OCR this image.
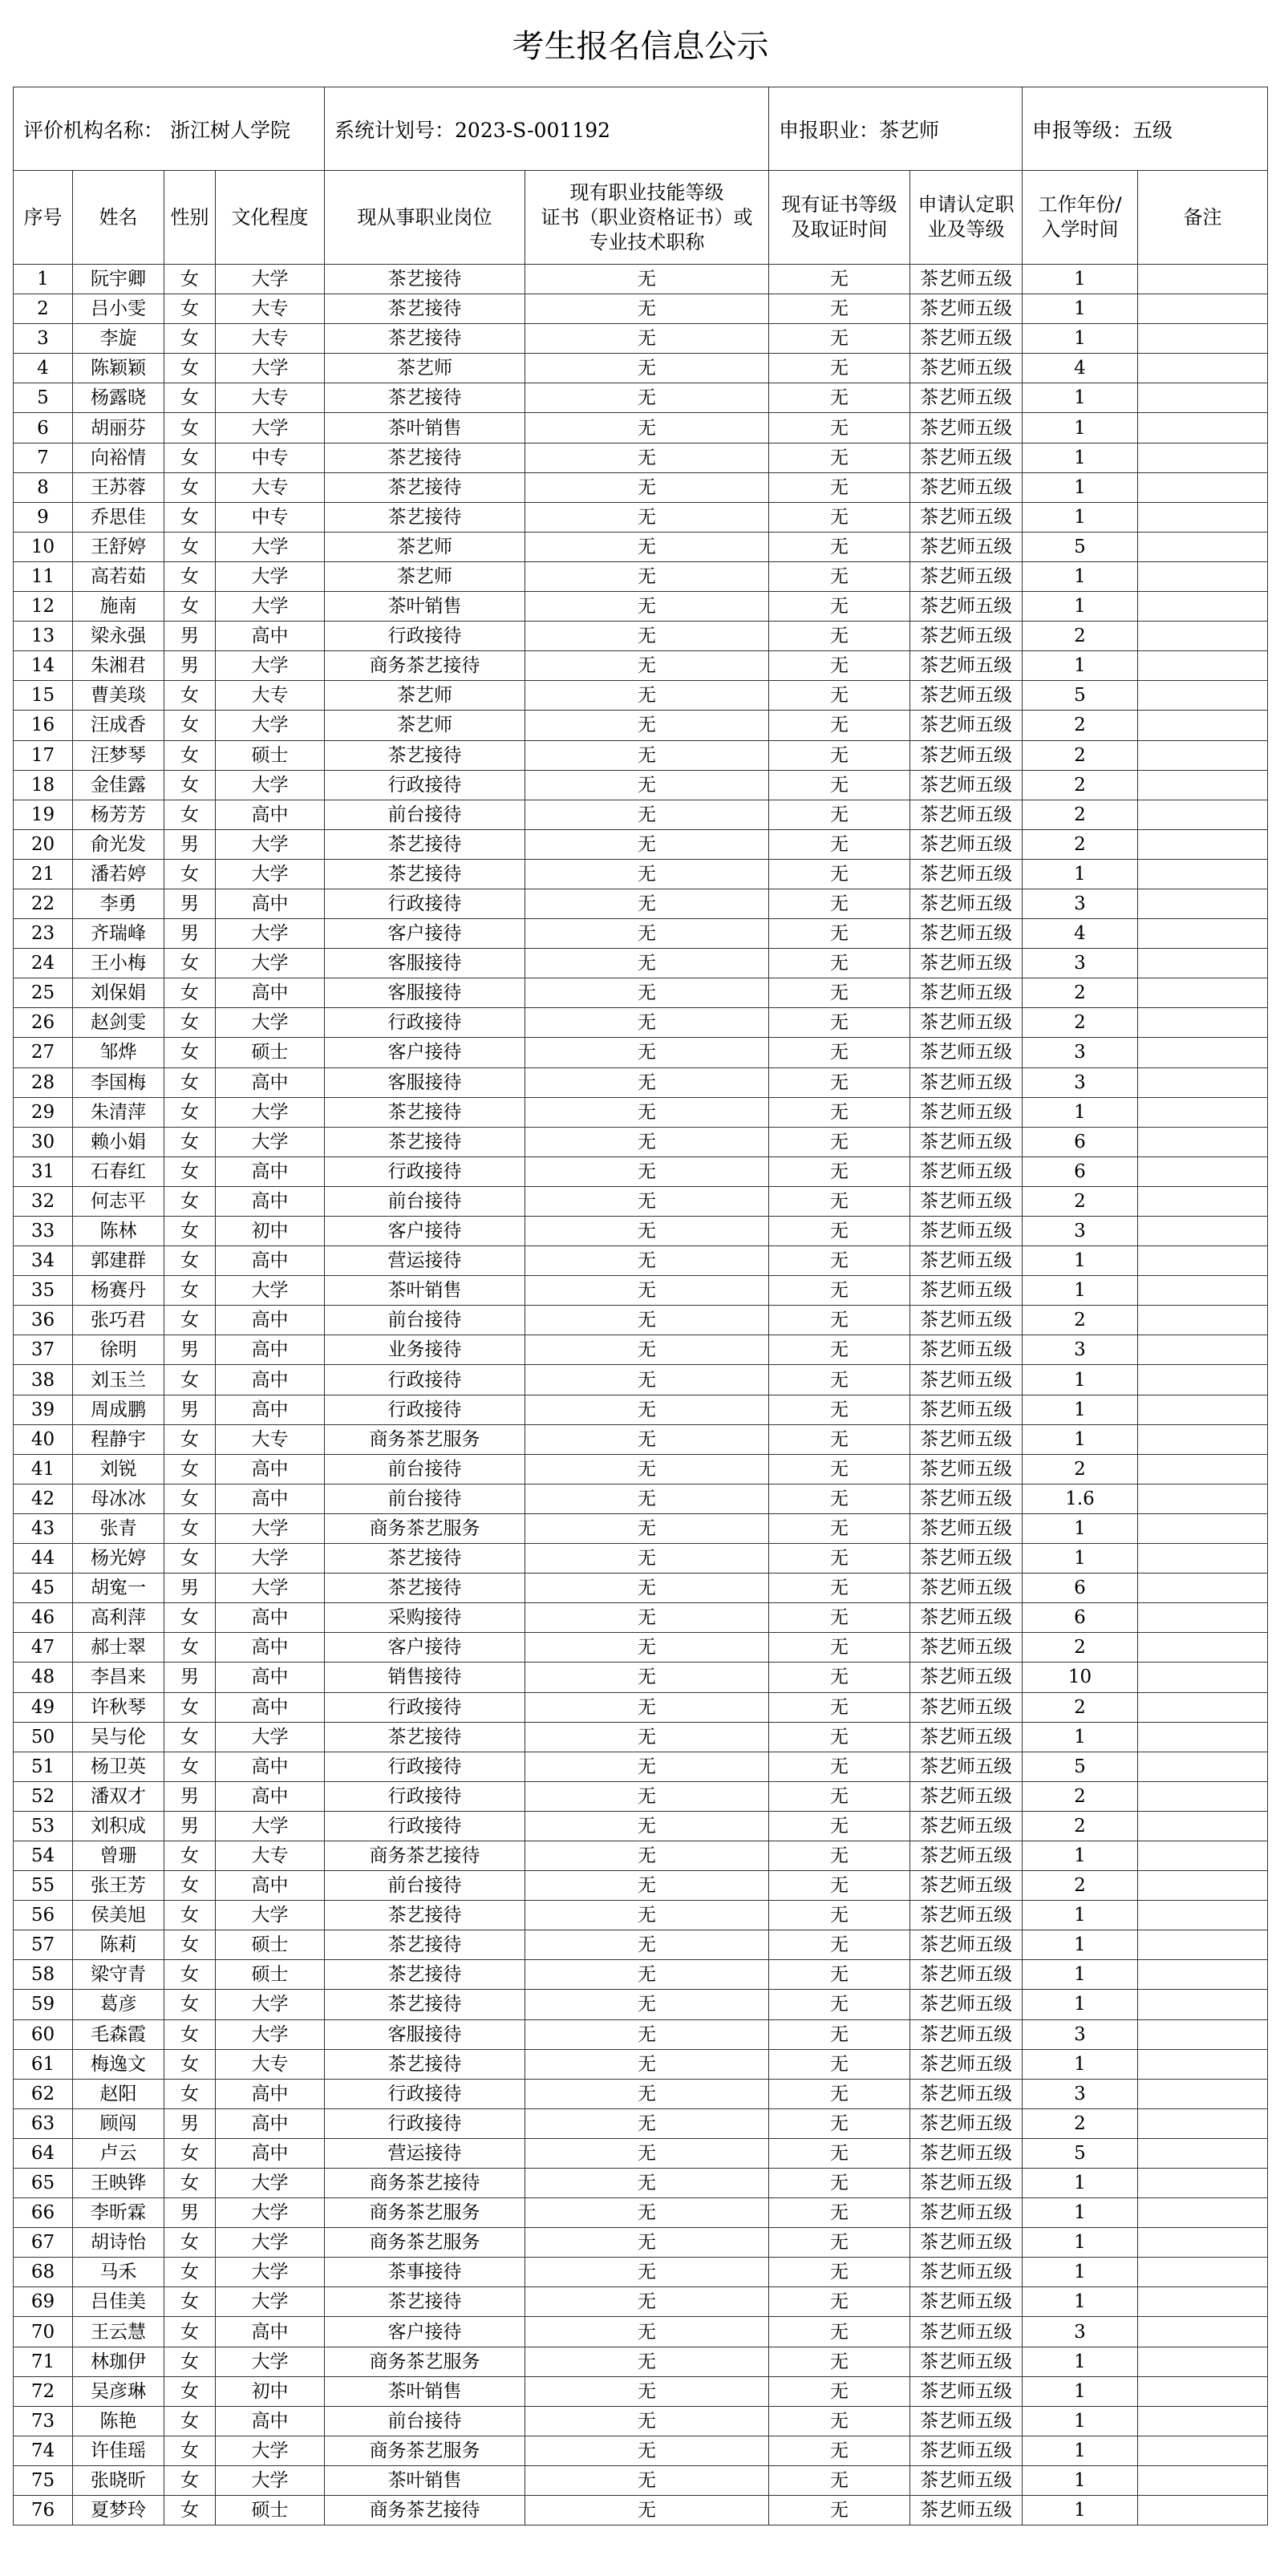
考生报名信息公示									
评价机构名称： 浙江树人学院				系统计划号：2023-S-001192		申报职业：茶艺师		申报等级：五级	
序号	姓名	性别	文化程度	现从事职业岗位	现有职业技能等级
证书（职业资格证书）或
专业技术职称	现有证书等级
及取证时间	申请认定职
业及等级	工作年份/
入学时间	备注
1	阮宇卿	女	大学	茶艺接待	无	无	茶艺师五级	1	
2	吕小雯	女	大专	茶艺接待	无	无	茶艺师五级	1	
3	李旋	女	大专	茶艺接待	无	无	茶艺师五级	1	
4	陈颖颖	女	大学	茶艺师	无	无	茶艺师五级	4	
5	杨露晓	女	大专	茶艺接待	无	无	茶艺师五级	1	
6	胡丽芬	女	大学	茶叶销售	无	无	茶艺师五级	1	
7	向裕情	女	中专	茶艺接待	无	无	茶艺师五级	1	
8	王苏蓉	女	大专	茶艺接待	无	无	茶艺师五级	1	
9	乔思佳	女	中专	茶艺接待	无	无	茶艺师五级	1	
10	王舒婷	女	大学	茶艺师	无	无	茶艺师五级	5	
11	高若茹	女	大学	茶艺师	无	无	茶艺师五级	1	
12	施南	女	大学	茶叶销售	无	无	茶艺师五级	1	
13	梁永强	男	高中	行政接待	无	无	茶艺师五级	2	
14	朱湘君	男	大学	商务茶艺接待	无	无	茶艺师五级	1	
15	曹美琰	女	大专	茶艺师	无	无	茶艺师五级	5	
16	汪成香	女	大学	茶艺师	无	无	茶艺师五级	2	
17	汪梦琴	女	硕士	茶艺接待	无	无	茶艺师五级	2	
18	金佳露	女	大学	行政接待	无	无	茶艺师五级	2	
19	杨芳芳	女	高中	前台接待	无	无	茶艺师五级	2	
20	俞光发	男	大学	茶艺接待	无	无	茶艺师五级	2	
21	潘若婷	女	大学	茶艺接待	无	无	茶艺师五级	1	
22	李勇	男	高中	行政接待	无	无	茶艺师五级	3	
23	齐瑞峰	男	大学	客户接待	无	无	茶艺师五级	4	
24	王小梅	女	大学	客服接待	无	无	茶艺师五级	3	
25	刘保娟	女	高中	客服接待	无	无	茶艺师五级	2	
26	赵剑雯	女	大学	行政接待	无	无	茶艺师五级	2	
27	邹烨	女	硕士	客户接待	无	无	茶艺师五级	3	
28	李国梅	女	高中	客服接待	无	无	茶艺师五级	3	
29	朱清萍	女	大学	茶艺接待	无	无	茶艺师五级	1	
30	赖小娟	女	大学	茶艺接待	无	无	茶艺师五级	6	
31	石春红	女	高中	行政接待	无	无	茶艺师五级	6	
32	何志平	女	高中	前台接待	无	无	茶艺师五级	2	
33	陈林	女	初中	客户接待	无	无	茶艺师五级	3	
34	郭建群	女	高中	营运接待	无	无	茶艺师五级	1	
35	杨赛丹	女	大学	茶叶销售	无	无	茶艺师五级	1	
36	张巧君	女	高中	前台接待	无	无	茶艺师五级	2	
37	徐明	男	高中	业务接待	无	无	茶艺师五级	3	
38	刘玉兰	女	高中	行政接待	无	无	茶艺师五级	1	
39	周成鹏	男	高中	行政接待	无	无	茶艺师五级	1	
40	程静宇	女	大专	商务茶艺服务	无	无	茶艺师五级	1	
41	刘锐	女	高中	前台接待	无	无	茶艺师五级	2	
42	母冰冰	女	高中	前台接待	无	无	茶艺师五级	1.6	
43	张青	女	大学	商务茶艺服务	无	无	茶艺师五级	1	
44	杨光婷	女	大学	茶艺接待	无	无	茶艺师五级	1	
45	胡寃一	男	大学	茶艺接待	无	无	茶艺师五级	6	
46	高利萍	女	高中	采购接待	无	无	茶艺师五级	6	
47	郝士翠	女	高中	客户接待	无	无	茶艺师五级	2	
48	李昌来	男	高中	销售接待	无	无	茶艺师五级	10	
49	许秋琴	女	高中	行政接待	无	无	茶艺师五级	2	
50	吴与伦	女	大学	茶艺接待	无	无	茶艺师五级	1	
51	杨卫英	女	高中	行政接待	无	无	茶艺师五级	5	
52	潘双才	男	高中	行政接待	无	无	茶艺师五级	2	
53	刘积成	男	大学	行政接待	无	无	茶艺师五级	2	
54	曾珊	女	大专	商务茶艺接待	无	无	茶艺师五级	1	
55	张王芳	女	高中	前台接待	无	无	茶艺师五级	2	
56	侯美旭	女	大学	茶艺接待	无	无	茶艺师五级	1	
57	陈莉	女	硕士	茶艺接待	无	无	茶艺师五级	1	
58	梁守青	女	硕士	茶艺接待	无	无	茶艺师五级	1	
59	葛彦	女	大学	茶艺接待	无	无	茶艺师五级	1	
60	毛森霞	女	大学	客服接待	无	无	茶艺师五级	3	
61	梅逸文	女	大专	茶艺接待	无	无	茶艺师五级	1	
62	赵阳	女	高中	行政接待	无	无	茶艺师五级	3	
63	顾闯	男	高中	行政接待	无	无	茶艺师五级	2	
64	卢云	女	高中	营运接待	无	无	茶艺师五级	5	
65	王映铧	女	大学	商务茶艺接待	无	无	茶艺师五级	1	
66	李昕霖	男	大学	商务茶艺服务	无	无	茶艺师五级	1	
67	胡诗怡	女	大学	商务茶艺服务	无	无	茶艺师五级	1	
68	马禾	女	大学	茶事接待	无	无	茶艺师五级	1	
69	吕佳美	女	大学	茶艺接待	无	无	茶艺师五级	1	
70	王云慧	女	高中	客户接待	无	无	茶艺师五级	3	
71	林珈伊	女	大学	商务茶艺服务	无	无	茶艺师五级	1	
72	吴彦琳	女	初中	茶叶销售	无	无	茶艺师五级	1	
73	陈艳	女	高中	前台接待	无	无	茶艺师五级	1	
74	许佳瑶	女	大学	商务茶艺服务	无	无	茶艺师五级	1	
75	张晓昕	女	大学	茶叶销售	无	无	茶艺师五级	1	
76	夏梦玲	女	硕士	商务茶艺接待	无	无	茶艺师五级	1	
